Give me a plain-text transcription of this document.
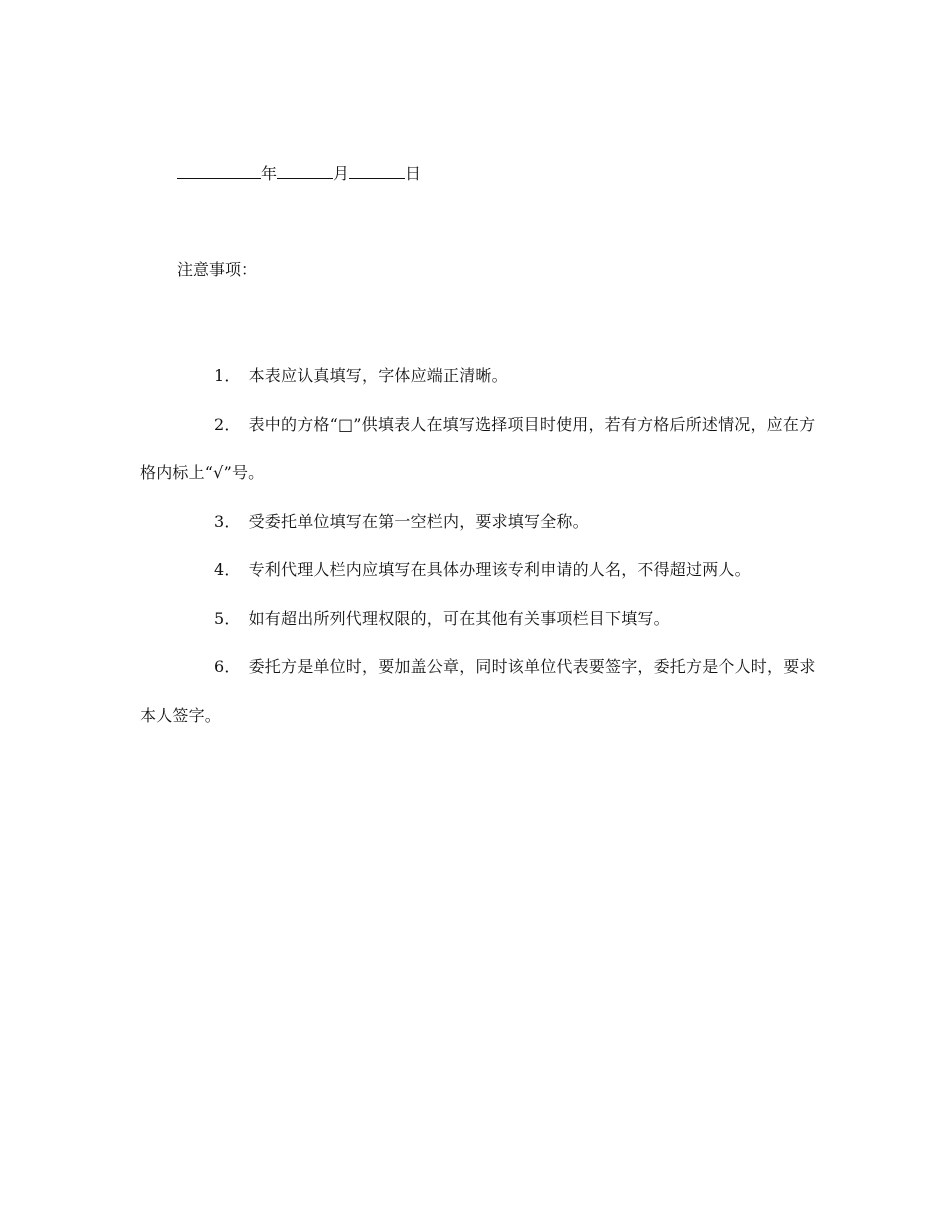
年	月	日
注意事项：

1． 本表应认真填写，字体应端正清晰。

2． 表中的方格“□”供填表人在填写选择项目时使用，若有方格后所述情况，应在方格内标上“√”号。

3． 受委托单位填写在第一空栏内，要求填写全称。

4． 专利代理人栏内应填写在具体办理该专利申请的人名，不得超过两人。

5． 如有超出所列代理权限的，可在其他有关事项栏目下填写。

6． 委托方是单位时，要加盖公章，同时该单位代表要签字，委托方是个人时，要求本人签字。
